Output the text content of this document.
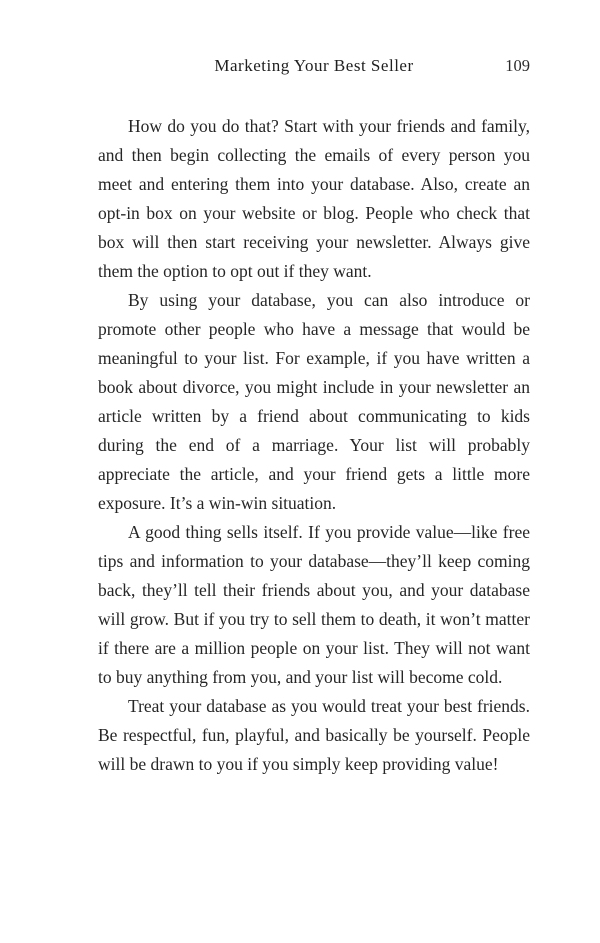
Marketing Your Best Seller	109

How do you do that? Start with your friends and family, and then begin collecting the emails of every person you meet and entering them into your database. Also, create an opt-in box on your website or blog. People who check that box will then start receiving your newsletter. Always give them the option to opt out if they want.

By using your database, you can also introduce or promote other people who have a message that would be meaningful to your list. For example, if you have written a book about divorce, you might include in your newsletter an article written by a friend about communicating to kids during the end of a marriage. Your list will probably appreciate the article, and your friend gets a little more exposure. It’s a win-win situation.

A good thing sells itself. If you provide value—like free tips and information to your database—they’ll keep coming back, they’ll tell their friends about you, and your database will grow. But if you try to sell them to death, it won’t matter if there are a million people on your list. They will not want to buy anything from you, and your list will become cold.

Treat your database as you would treat your best friends. Be respectful, fun, playful, and basically be yourself. People will be drawn to you if you simply keep providing value!
